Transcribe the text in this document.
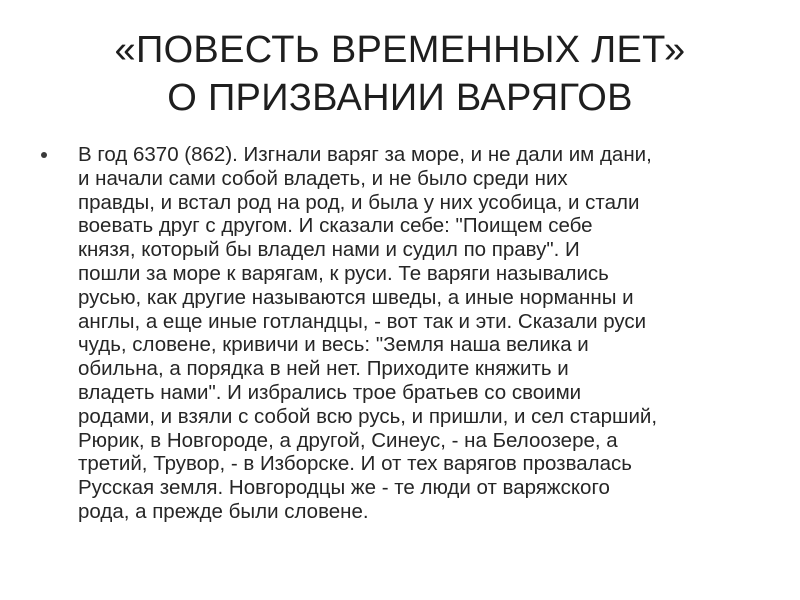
«ПОВЕСТЬ ВРЕМЕННЫХ ЛЕТ»
О ПРИЗВАНИИ ВАРЯГОВ
В год 6370 (862). Изгнали варяг за море, и не дали им дани,
и начали сами собой владеть, и не было среди них
правды, и встал род на род, и была у них усобица, и стали
воевать друг с другом. И сказали себе: "Поищем себе
князя, который бы владел нами и судил по праву". И
пошли за море к варягам, к руси. Те варяги назывались
русью, как другие называются шведы, а иные норманны и
англы, а еще иные готландцы, - вот так и эти. Сказали руси
чудь, словене, кривичи и весь: "Земля наша велика и
обильна, а порядка в ней нет. Приходите княжить и
владеть нами". И избрались трое братьев со своими
родами, и взяли с собой всю русь, и пришли, и сел старший,
Рюрик, в Новгороде, а другой, Синеус, - на Белоозере, а
третий, Трувор, - в Изборске. И от тех варягов прозвалась
Русская земля. Новгородцы же - те люди от варяжского
рода, а прежде были словене.
